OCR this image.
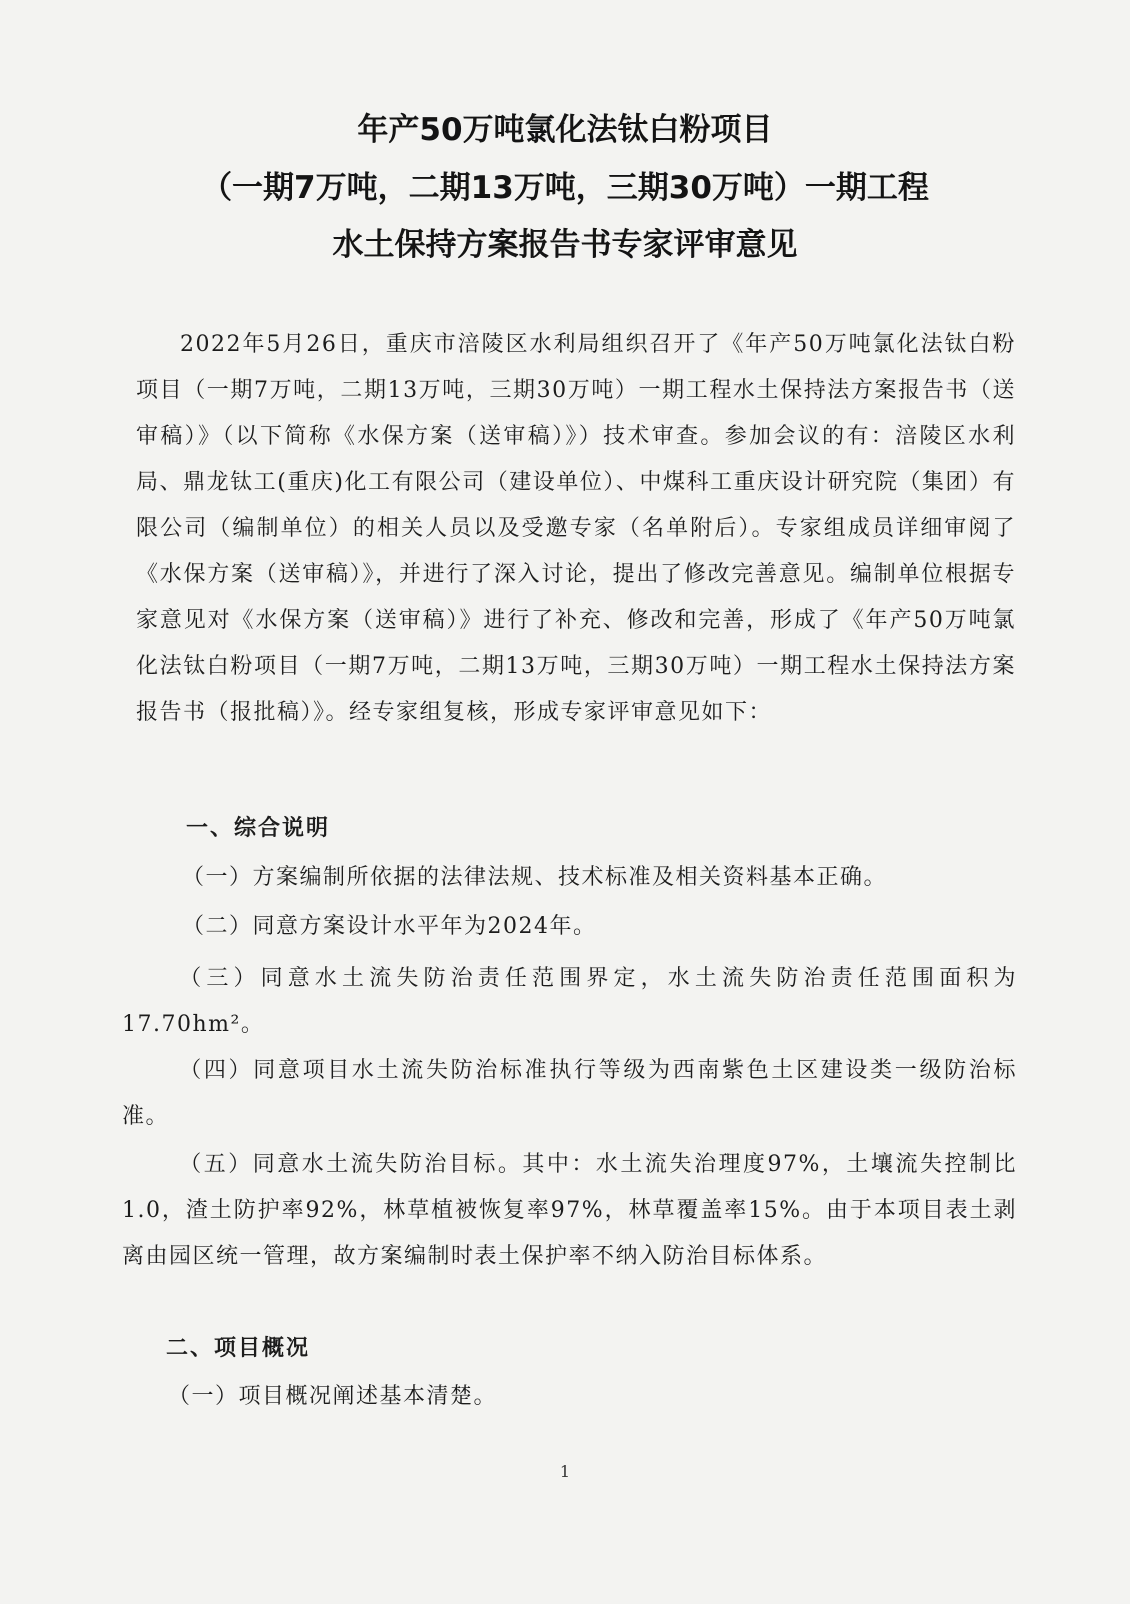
年产50万吨氯化法钛白粉项目
（一期7万吨，二期13万吨，三期30万吨）一期工程
水土保持方案报告书专家评审意见

2022年5月26日，重庆市涪陵区水利局组织召开了《年产50万吨氯化法钛白粉项目（一期7万吨，二期13万吨，三期30万吨）一期工程水土保持法方案报告书（送审稿）》（以下简称《水保方案（送审稿）》）技术审查。参加会议的有：涪陵区水利局、鼎龙钛工(重庆)化工有限公司（建设单位）、中煤科工重庆设计研究院（集团）有限公司（编制单位）的相关人员以及受邀专家（名单附后）。专家组成员详细审阅了《水保方案（送审稿）》，并进行了深入讨论，提出了修改完善意见。编制单位根据专家意见对《水保方案（送审稿）》进行了补充、修改和完善，形成了《年产50万吨氯化法钛白粉项目（一期7万吨，二期13万吨，三期30万吨）一期工程水土保持法方案报告书（报批稿）》。经专家组复核，形成专家评审意见如下：

一、综合说明

（一）方案编制所依据的法律法规、技术标准及相关资料基本正确。

（二）同意方案设计水平年为2024年。

（三）同意水土流失防治责任范围界定，水土流失防治责任范围面积为17.70hm²。

（四）同意项目水土流失防治标准执行等级为西南紫色土区建设类一级防治标准。

（五）同意水土流失防治目标。其中：水土流失治理度97%，土壤流失控制比1.0，渣土防护率92%，林草植被恢复率97%，林草覆盖率15%。由于本项目表土剥离由园区统一管理，故方案编制时表土保护率不纳入防治目标体系。

二、项目概况

（一）项目概况阐述基本清楚。

1
